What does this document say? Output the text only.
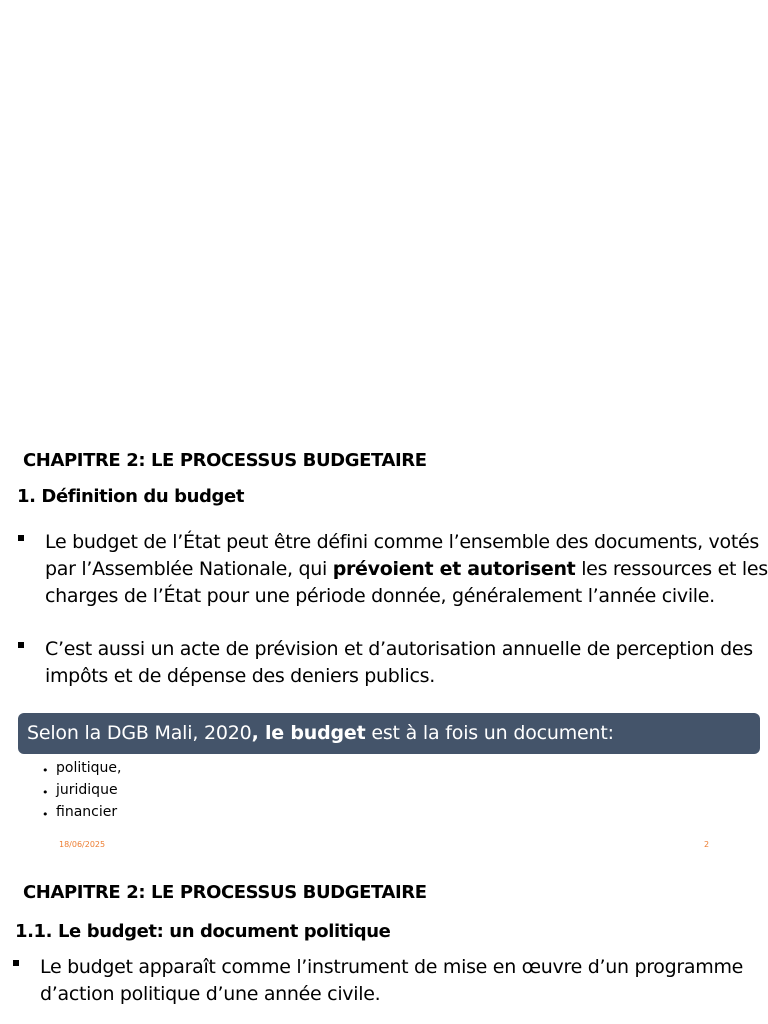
CHAPITRE 2: LE PROCESSUS BUDGETAIRE
1. Définition du budget
Le budget de l’État peut être défini comme l’ensemble des documents, votés
par l’Assemblée Nationale, qui prévoient et autorisent les ressources et les
charges de l’État pour une période donnée, généralement l’année civile.
C’est aussi un acte de prévision et d’autorisation annuelle de perception des
impôts et de dépense des deniers publics.
Selon la DGB Mali, 2020, le budget est à la fois un document:
• politique,
• juridique
• financier
18/06/2025	2
CHAPITRE 2: LE PROCESSUS BUDGETAIRE
1.1. Le budget: un document politique
Le budget apparaît comme l’instrument de mise en œuvre d’un programme
d’action politique d’une année civile.
